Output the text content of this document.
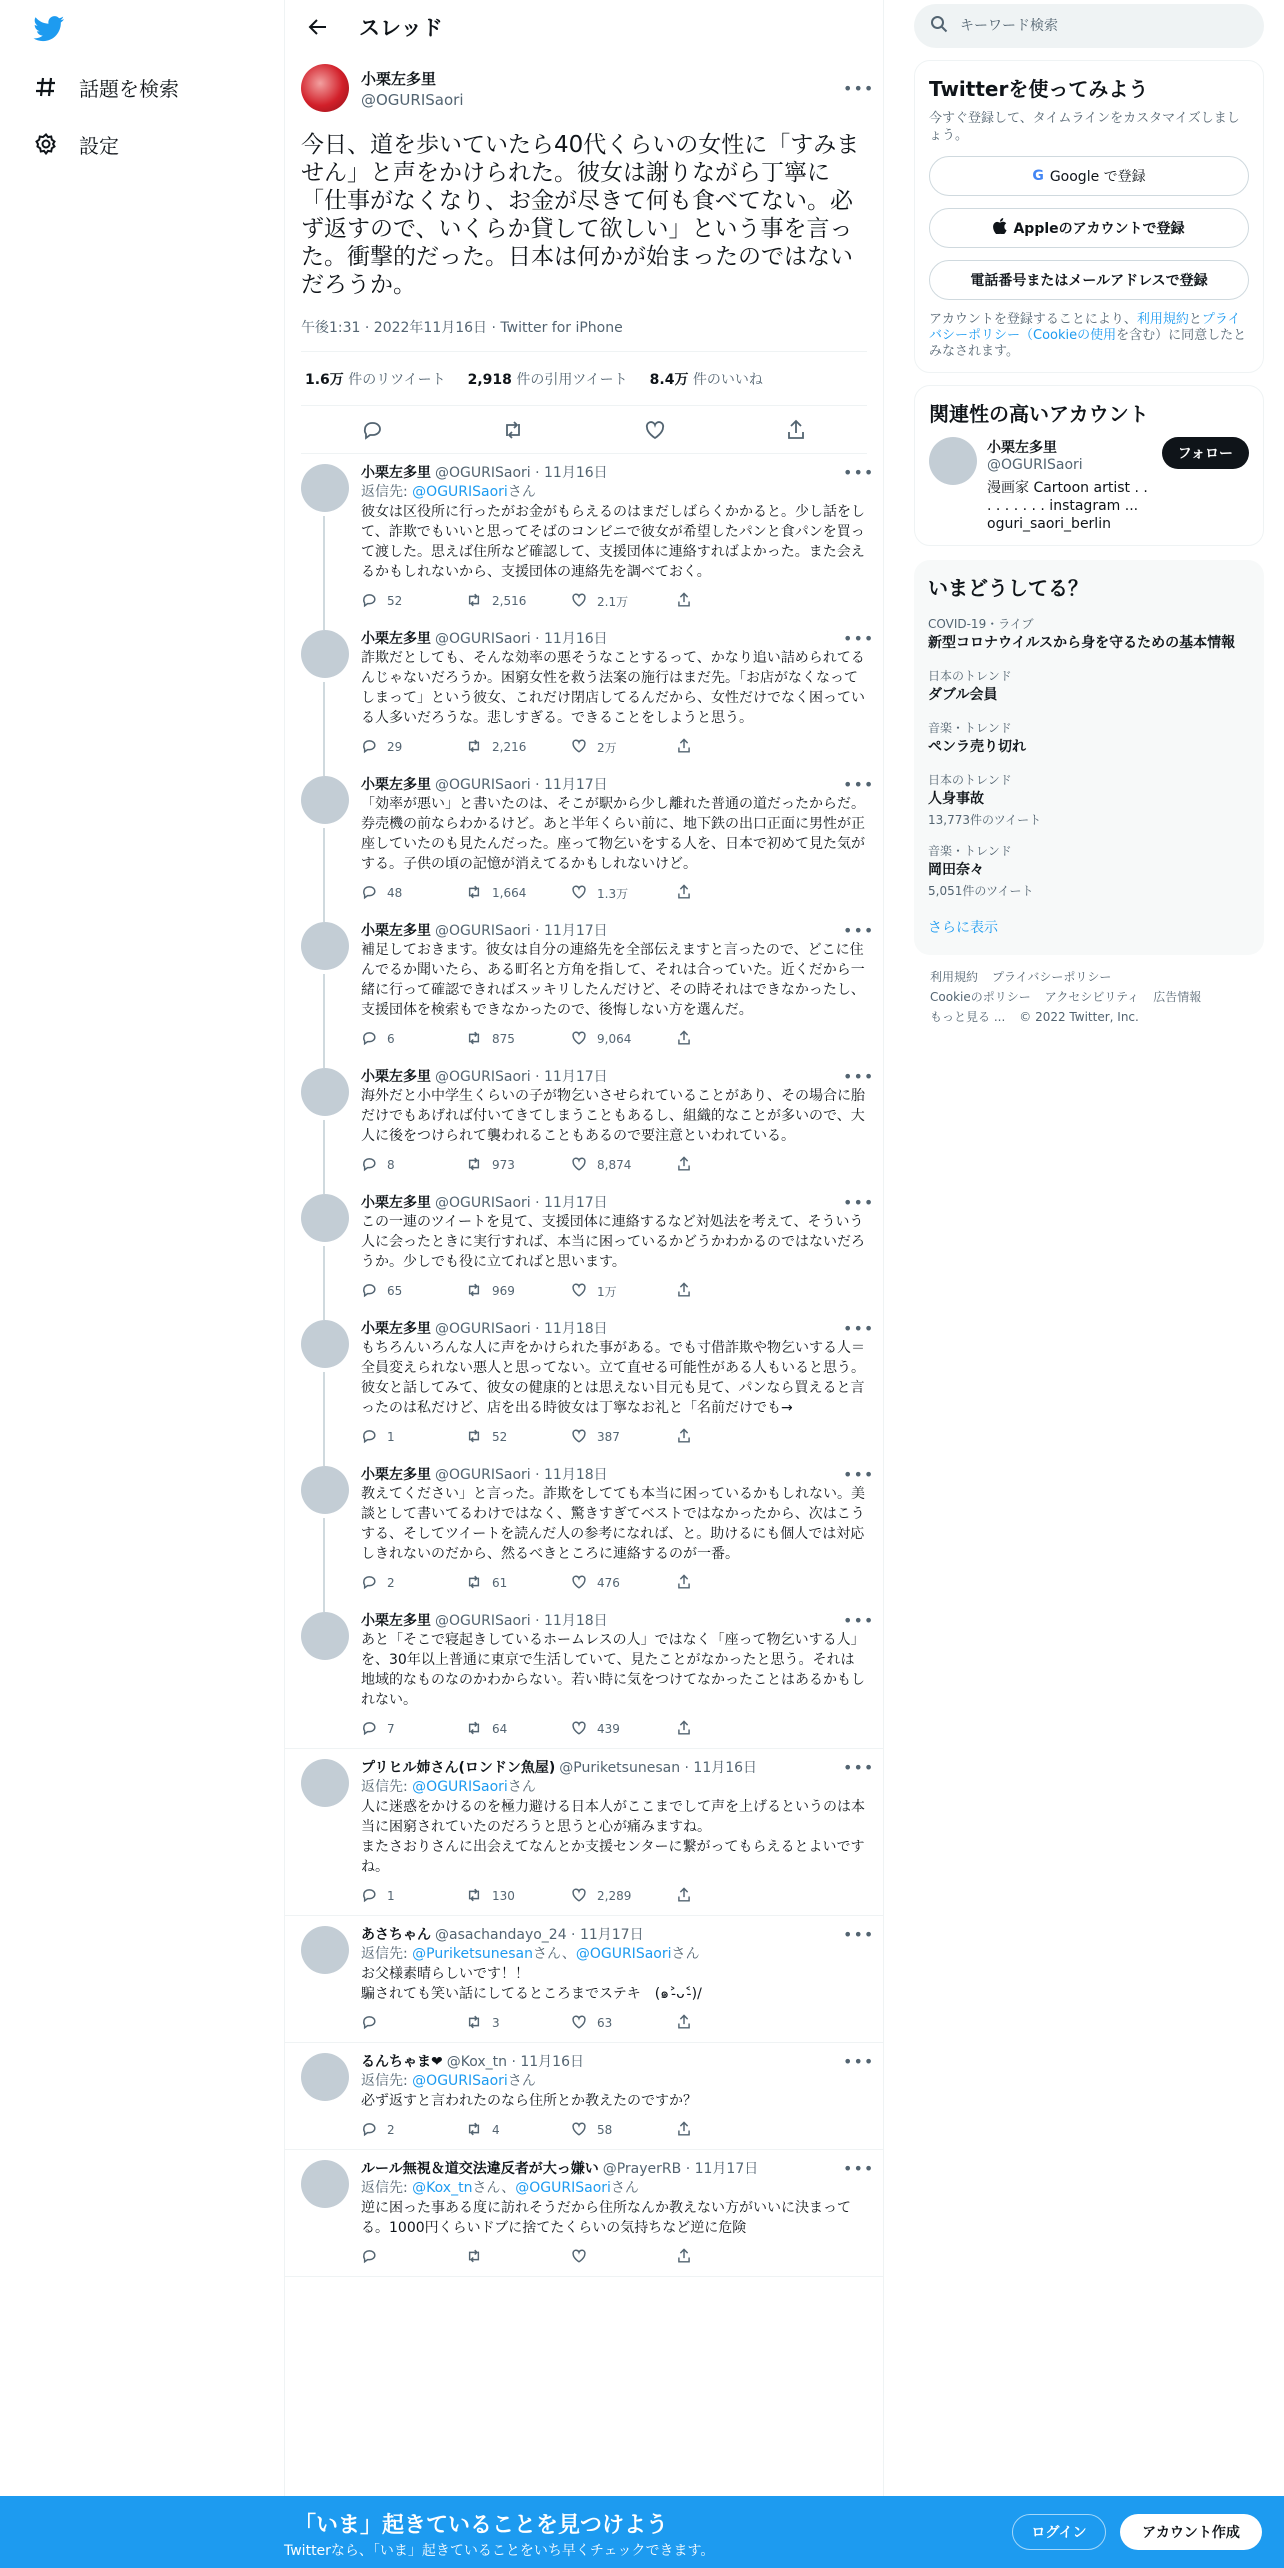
話題を検索
設定
スレッド
小栗左多里
@OGURISaori
•••
今日、道を歩いていたら40代くらいの女性に「すみません」と声をかけられた。彼女は謝りながら丁寧に「仕事がなくなり、お金が尽きて何も食べてない。必ず返すので、いくらか貸して欲しい」という事を言った。衝撃的だった。日本は何かが始まったのではないだろうか。
午後1:31 · 2022年11月16日 · Twitter for iPhone
1.6万 件のリツイート 2,918 件の引用ツイート 8.4万 件のいいね
小栗左多里 @OGURISaori · 11月16日	•••
返信先: @OGURISaoriさん
彼女は区役所に行ったがお金がもらえるのはまだしばらくかかると。少し話をして、詐欺でもいいと思ってそばのコンビニで彼女が希望したパンと食パンを買って渡した。思えば住所など確認して、支援団体に連絡すればよかった。また会えるかもしれないから、支援団体の連絡先を調べておく。
52	2,516	2.1万
小栗左多里 @OGURISaori · 11月16日	•••
詐欺だとしても、そんな効率の悪そうなことするって、かなり追い詰められてるんじゃないだろうか。困窮女性を救う法案の施行はまだ先。「お店がなくなってしまって」という彼女、これだけ閉店してるんだから、女性だけでなく困っている人多いだろうな。悲しすぎる。できることをしようと思う。
29	2,216	2万
小栗左多里 @OGURISaori · 11月17日	•••
「効率が悪い」と書いたのは、そこが駅から少し離れた普通の道だったからだ。券売機の前ならわかるけど。あと半年くらい前に、地下鉄の出口正面に男性が正座していたのも見たんだった。座って物乞いをする人を、日本で初めて見た気がする。子供の頃の記憶が消えてるかもしれないけど。
48	1,664	1.3万
小栗左多里 @OGURISaori · 11月17日	•••
補足しておきます。彼女は自分の連絡先を全部伝えますと言ったので、どこに住んでるか聞いたら、ある町名と方角を指して、それは合っていた。近くだから一緒に行って確認できればスッキリしたんだけど、その時それはできなかったし、支援団体を検索もできなかったので、後悔しない方を選んだ。
6	875	9,064
小栗左多里 @OGURISaori · 11月17日	•••
海外だと小中学生くらいの子が物乞いさせられていることがあり、その場合に胎だけでもあげれば付いてきてしまうこともあるし、組織的なことが多いので、大人に後をつけられて襲われることもあるので要注意といわれている。
8	973	8,874
小栗左多里 @OGURISaori · 11月17日	•••
この一連のツイートを見て、支援団体に連絡するなど対処法を考えて、そういう人に会ったときに実行すれば、本当に困っているかどうかわかるのではないだろうか。少しでも役に立てればと思います。
65	969	1万
小栗左多里 @OGURISaori · 11月18日	•••
もちろんいろんな人に声をかけられた事がある。でも寸借詐欺や物乞いする人＝全員変えられない悪人と思ってない。立て直せる可能性がある人もいると思う。彼女と話してみて、彼女の健康的とは思えない目元も見て、パンなら買えると言ったのは私だけど、店を出る時彼女は丁寧なお礼と「名前だけでも→
1	52	387
小栗左多里 @OGURISaori · 11月18日	•••
教えてください」と言った。詐欺をしてても本当に困っているかもしれない。美談として書いてるわけではなく、驚きすぎてベストではなかったから、次はこうする、そしてツイートを読んだ人の参考になれば、と。助けるにも個人では対応しきれないのだから、然るべきところに連絡するのが一番。
2	61	476
小栗左多里 @OGURISaori · 11月18日	•••
あと「そこで寝起きしているホームレスの人」ではなく「座って物乞いする人」を、30年以上普通に東京で生活していて、見たことがなかったと思う。それは地域的なものなのかわからない。若い時に気をつけてなかったことはあるかもしれない。
7	64	439
プリヒル姉さん(ロンドン魚屋) @Puriketsunesan · 11月16日	•••
返信先: @OGURISaoriさん
人に迷惑をかけるのを極力避ける日本人がここまでして声を上げるというのは本当に困窮されていたのだろうと思うと心が痛みますね。
またさおりさんに出会えてなんとか支援センターに繋がってもらえるとよいですね。
1	130	2,289
あさちゃん @asachandayo_24 · 11月17日	•••
返信先: @Puriketsunesanさん、@OGURISaoriさん
お父様素晴らしいです！！
騙されても笑い話にしてるところまでステキ　(๑˃̵ᴗ˂̵)/
3	63
るんちゃま❤ @Kox_tn · 11月16日	•••
返信先: @OGURISaoriさん
必ず返すと言われたのなら住所とか教えたのですか？
2	4	58
ルール無視＆道交法違反者が大っ嫌い @PrayerRB · 11月17日	•••
返信先: @Kox_tnさん、@OGURISaoriさん
逆に困った事ある度に訪れそうだから住所なんか教えない方がいいに決まってる。1000円くらいドブに捨てたくらいの気持ちなど逆に危険
キーワード検索
Twitterを使ってみよう
今すぐ登録して、タイムラインをカスタマイズしましょう。
G Google で登録
Appleのアカウントで登録
電話番号またはメールアドレスで登録
アカウントを登録することにより、利用規約とプライバシーポリシー（Cookieの使用を含む）に同意したとみなされます。
関連性の高いアカウント
小栗左多里
@OGURISaori
漫画家 Cartoon artist . . . . . . . . . instagram ... oguri_saori_berlin
フォロー
いまどうしてる？
COVID-19・ライブ
新型コロナウイルスから身を守るための基本情報
日本のトレンド
ダブル会員
音楽・トレンド
ペンラ売り切れ
日本のトレンド
人身事故
13,773件のツイート
音楽・トレンド
岡田奈々
5,051件のツイート
さらに表示
利用規約 プライバシーポリシー
Cookieのポリシー アクセシビリティ 広告情報
もっと見る ... © 2022 Twitter, Inc.
「いま」起きていることを見つけよう
Twitterなら、「いま」起きていることをいち早くチェックできます。
ログイン	アカウント作成
